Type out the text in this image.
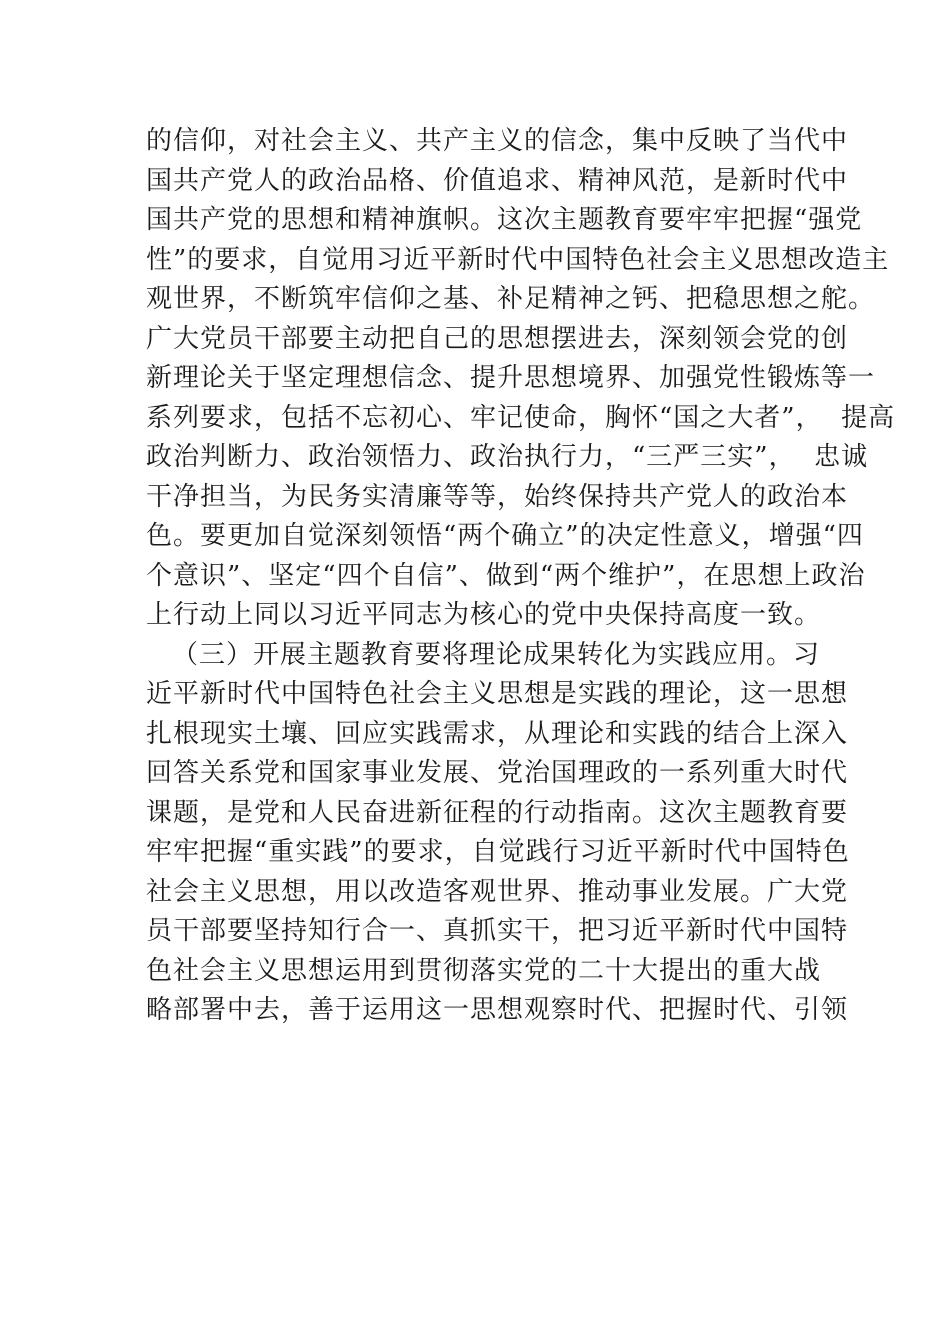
的信仰，对社会主义、共产主义的信念，集中反映了当代中
国共产党人的政治品格、价值追求、精神风范，是新时代中
国共产党的思想和精神旗帜。这次主题教育要牢牢把握“强党
性”的要求，自觉用习近平新时代中国特色社会主义思想改造主
观世界，不断筑牢信仰之基、补足精神之钙、把稳思想之舵。
广大党员干部要主动把自己的思想摆进去，深刻领会党的创
新理论关于坚定理想信念、提升思想境界、加强党性锻炼等一
系列要求，包括不忘初心、牢记使命，胸怀“国之大者”，  提高
政治判断力、政治领悟力、政治执行力，“三严三实”，  忠诚
干净担当，为民务实清廉等等，始终保持共产党人的政治本
色。要更加自觉深刻领悟“两个确立”的决定性意义，增强“四
个意识”、坚定“四个自信”、做到“两个维护”，在思想上政治
上行动上同以习近平同志为核心的党中央保持高度一致。
（三）开展主题教育要将理论成果转化为实践应用。习
近平新时代中国特色社会主义思想是实践的理论，这一思想
扎根现实土壤、回应实践需求，从理论和实践的结合上深入
回答关系党和国家事业发展、党治国理政的一系列重大时代
课题，是党和人民奋进新征程的行动指南。这次主题教育要
牢牢把握“重实践”的要求，自觉践行习近平新时代中国特色
社会主义思想，用以改造客观世界、推动事业发展。广大党
员干部要坚持知行合一、真抓实干，把习近平新时代中国特
色社会主义思想运用到贯彻落实党的二十大提出的重大战
略部署中去，善于运用这一思想观察时代、把握时代、引领
